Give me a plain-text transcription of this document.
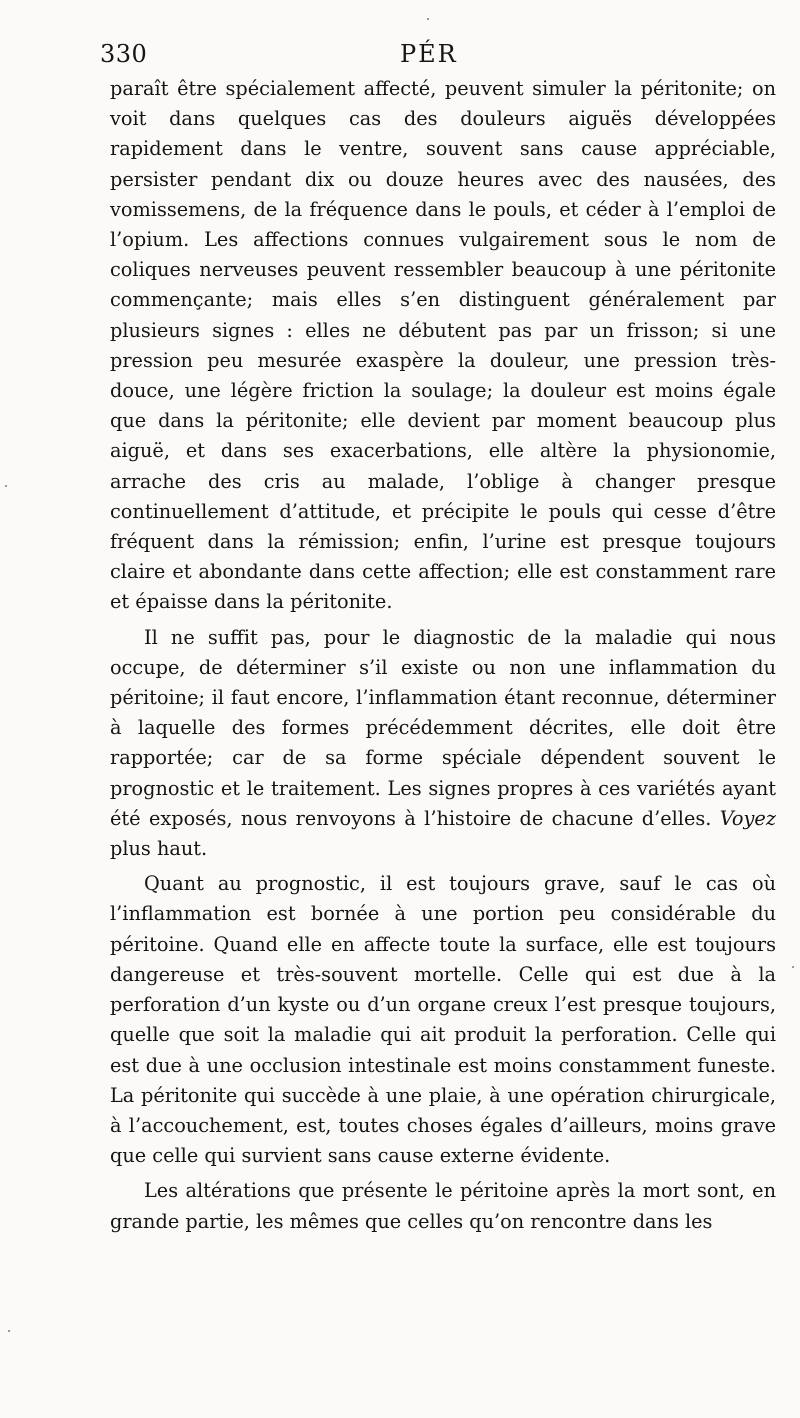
330	PÉR

paraît être spécialement affecté, peuvent simuler la péritonite; on voit dans quelques cas des douleurs aiguës développées rapidement dans le ventre, souvent sans cause appréciable, persister pendant dix ou douze heures avec des nausées, des vomissemens, de la fréquence dans le pouls, et céder à l’emploi de l’opium. Les affections connues vulgairement sous le nom de coliques nerveuses peuvent ressembler beaucoup à une péritonite commençante; mais elles s’en distinguent généralement par plusieurs signes : elles ne débutent pas par un frisson; si une pression peu mesurée exaspère la douleur, une pression très-douce, une légère friction la soulage; la douleur est moins égale que dans la péritonite; elle devient par moment beaucoup plus aiguë, et dans ses exacerbations, elle altère la physionomie, arrache des cris au malade, l’oblige à changer presque continuellement d’attitude, et précipite le pouls qui cesse d’être fréquent dans la rémission; enfin, l’urine est presque toujours claire et abondante dans cette affection; elle est constamment rare et épaisse dans la péritonite.

Il ne suffit pas, pour le diagnostic de la maladie qui nous occupe, de déterminer s’il existe ou non une inflammation du péritoine; il faut encore, l’inflammation étant reconnue, déterminer à laquelle des formes précédemment décrites, elle doit être rapportée; car de sa forme spéciale dépendent souvent le prognostic et le traitement. Les signes propres à ces variétés ayant été exposés, nous renvoyons à l’histoire de chacune d’elles. Voyez plus haut.

Quant au prognostic, il est toujours grave, sauf le cas où l’inflammation est bornée à une portion peu considérable du péritoine. Quand elle en affecte toute la surface, elle est toujours dangereuse et très-souvent mortelle. Celle qui est due à la perforation d’un kyste ou d’un organe creux l’est presque toujours, quelle que soit la maladie qui ait produit la perforation. Celle qui est due à une occlusion intestinale est moins constamment funeste. La péritonite qui succède à une plaie, à une opération chirurgicale, à l’accouchement, est, toutes choses égales d’ailleurs, moins grave que celle qui survient sans cause externe évidente.

Les altérations que présente le péritoine après la mort sont, en grande partie, les mêmes que celles qu’on rencontre dans les
